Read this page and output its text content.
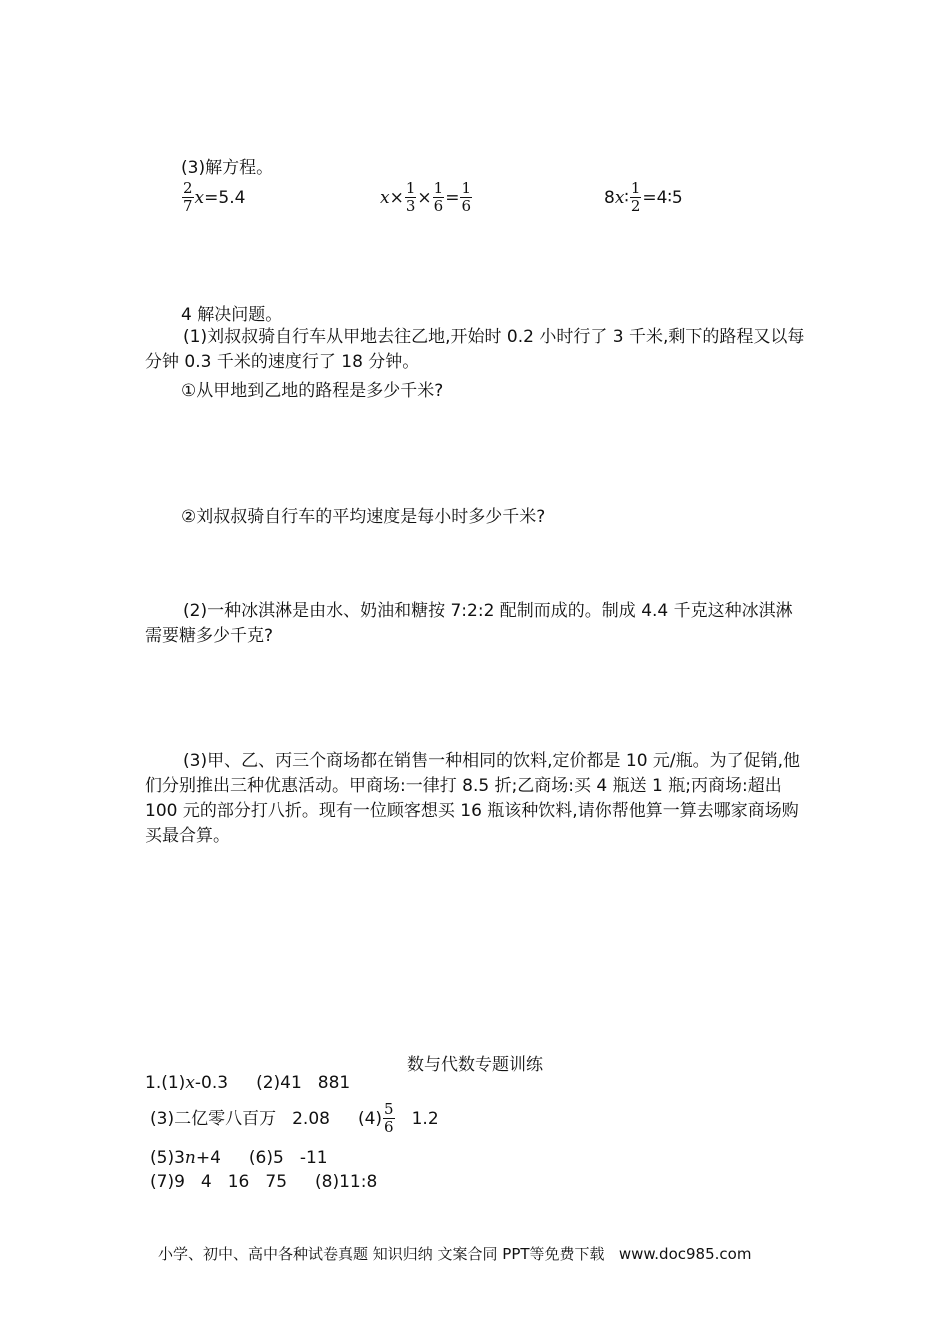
(3)解方程。
$\frac{2}{7} x=5.4$	$x\times \frac{1}{3} \times \frac{1}{6} = \frac{1}{6}$	8x∶ $\frac{1}{2}$ =4∶5
4 解决问题。
(1)刘叔叔骑自行车从甲地去往乙地,开始时 0.2 小时行了 3 千米,剩下的路程又以每分钟 0.3 千米的速度行了 18 分钟。
①从甲地到乙地的路程是多少千米?
②刘叔叔骑自行车的平均速度是每小时多少千米?
(2)一种冰淇淋是由水、奶油和糖按 7:2:2 配制而成的。制成 4.4 千克这种冰淇淋需要糖多少千克?
(3)甲、乙、丙三个商场都在销售一种相同的饮料,定价都是 10 元/瓶。为了促销,他们分别推出三种优惠活动。甲商场:一律打 8.5 折;乙商场:买 4 瓶送 1 瓶;丙商场:超出 100 元的部分打八折。现有一位顾客想买 16 瓶该种饮料,请你帮他算一算去哪家商场购买最合算。
数与代数专题训练
1.(1)x-0.3 (2)41 881
(3)二亿零八百万 2.08 $(4) \frac{5}{6} 1.2$
(5)3n+4 (6)5 -11
(7)9 4 16 75 (8)11:8
小学、初中、高中各种试卷真题 知识归纳 文案合同 PPT等免费下载   www.doc985.com
